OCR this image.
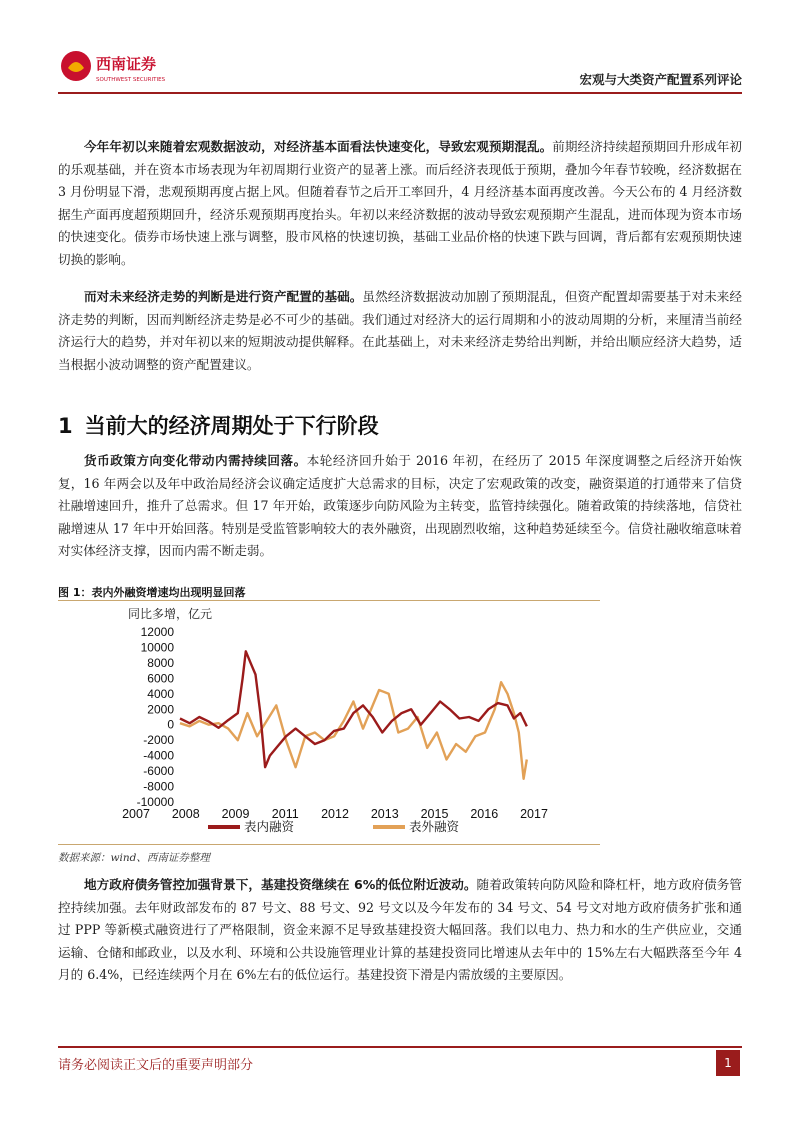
西南证券
SOUTHWEST SECURITIES	宏观与大类资产配置系列评论

今年年初以来随着宏观数据波动，对经济基本面看法快速变化，导致宏观预期混乱。前期经济持续超预期回升形成年初的乐观基础，并在资本市场表现为年初周期行业资产的显著上涨。而后经济表现低于预期，叠加今年春节较晚，经济数据在 3 月份明显下滑，悲观预期再度占据上风。但随着春节之后开工率回升，4 月经济基本面再度改善。今天公布的 4 月经济数据生产面再度超预期回升，经济乐观预期再度抬头。年初以来经济数据的波动导致宏观预期产生混乱，进而体现为资本市场的快速变化。债券市场快速上涨与调整，股市风格的快速切换，基础工业品价格的快速下跌与回调，背后都有宏观预期快速切换的影响。

而对未来经济走势的判断是进行资产配置的基础。虽然经济数据波动加剧了预期混乱，但资产配置却需要基于对未来经济走势的判断，因而判断经济走势是必不可少的基础。我们通过对经济大的运行周期和小的波动周期的分析，来厘清当前经济运行大的趋势，并对年初以来的短期波动提供解释。在此基础上，对未来经济走势给出判断，并给出顺应经济大趋势，适当根据小波动调整的资产配置建议。

1 当前大的经济周期处于下行阶段

货币政策方向变化带动内需持续回落。本轮经济回升始于 2016 年初，在经历了 2015 年深度调整之后经济开始恢复，16 年两会以及年中政治局经济会议确定适度扩大总需求的目标，决定了宏观政策的改变，融资渠道的打通带来了信贷社融增速回升，推升了总需求。但 17 年开始，政策逐步向防风险为主转变，监管持续强化。随着政策的持续落地，信贷社融增速从 17 年中开始回落。特别是受监管影响较大的表外融资，出现剧烈收缩，这种趋势延续至今。信贷社融收缩意味着对实体经济支撑，因而内需不断走弱。

图 1：表内外融资增速均出现明显回落
同比多增，亿元
12000
10000
8000
6000
4000
2000
0
-2000
-4000
-6000
-8000
-10000
2007 2008 2009 2011 2012 2013 2015 2016 2017
表内融资	表外融资
数据来源：wind、西南证券整理

地方政府债务管控加强背景下，基建投资继续在 6%的低位附近波动。随着政策转向防风险和降杠杆，地方政府债务管控持续加强。去年财政部发布的 87 号文、88 号文、92 号文以及今年发布的 34 号文、54 号文对地方政府债务扩张和通过 PPP 等新模式融资进行了严格限制，资金来源不足导致基建投资大幅回落。我们以电力、热力和水的生产供应业，交通运输、仓储和邮政业，以及水利、环境和公共设施管理业计算的基建投资同比增速从去年中的 15%左右大幅跌落至今年 4 月的 6.4%，已经连续两个月在 6%左右的低位运行。基建投资下滑是内需放缓的主要原因。

请务必阅读正文后的重要声明部分	1
